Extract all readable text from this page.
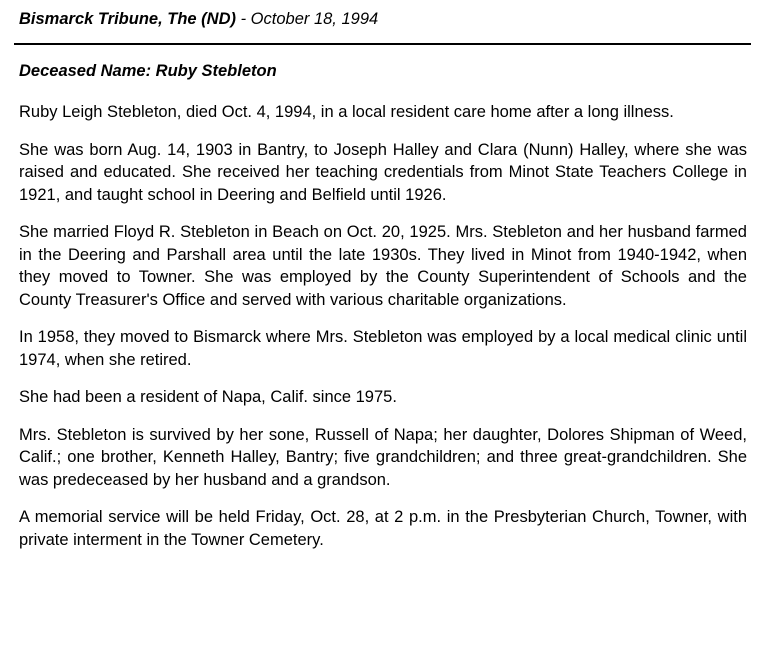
Bismarck Tribune, The (ND) - October 18, 1994
Deceased Name: Ruby Stebleton

Ruby Leigh Stebleton, died Oct. 4, 1994, in a local resident care home after a long illness.

She was born Aug. 14, 1903 in Bantry, to Joseph Halley and Clara (Nunn) Halley, where she was raised and educated. She received her teaching credentials from Minot State Teachers College in 1921, and taught school in Deering and Belfield until 1926.

She married Floyd R. Stebleton in Beach on Oct. 20, 1925. Mrs. Stebleton and her husband farmed in the Deering and Parshall area until the late 1930s. They lived in Minot from 1940-1942, when they moved to Towner. She was employed by the County Superintendent of Schools and the County Treasurer's Office and served with various charitable organizations.

In 1958, they moved to Bismarck where Mrs. Stebleton was employed by a local medical clinic until 1974, when she retired.

She had been a resident of Napa, Calif. since 1975.

Mrs. Stebleton is survived by her sone, Russell of Napa; her daughter, Dolores Shipman of Weed, Calif.; one brother, Kenneth Halley, Bantry; five grandchildren; and three great-grandchildren. She was predeceased by her husband and a grandson.

A memorial service will be held Friday, Oct. 28, at 2 p.m. in the Presbyterian Church, Towner, with private interment in the Towner Cemetery.
